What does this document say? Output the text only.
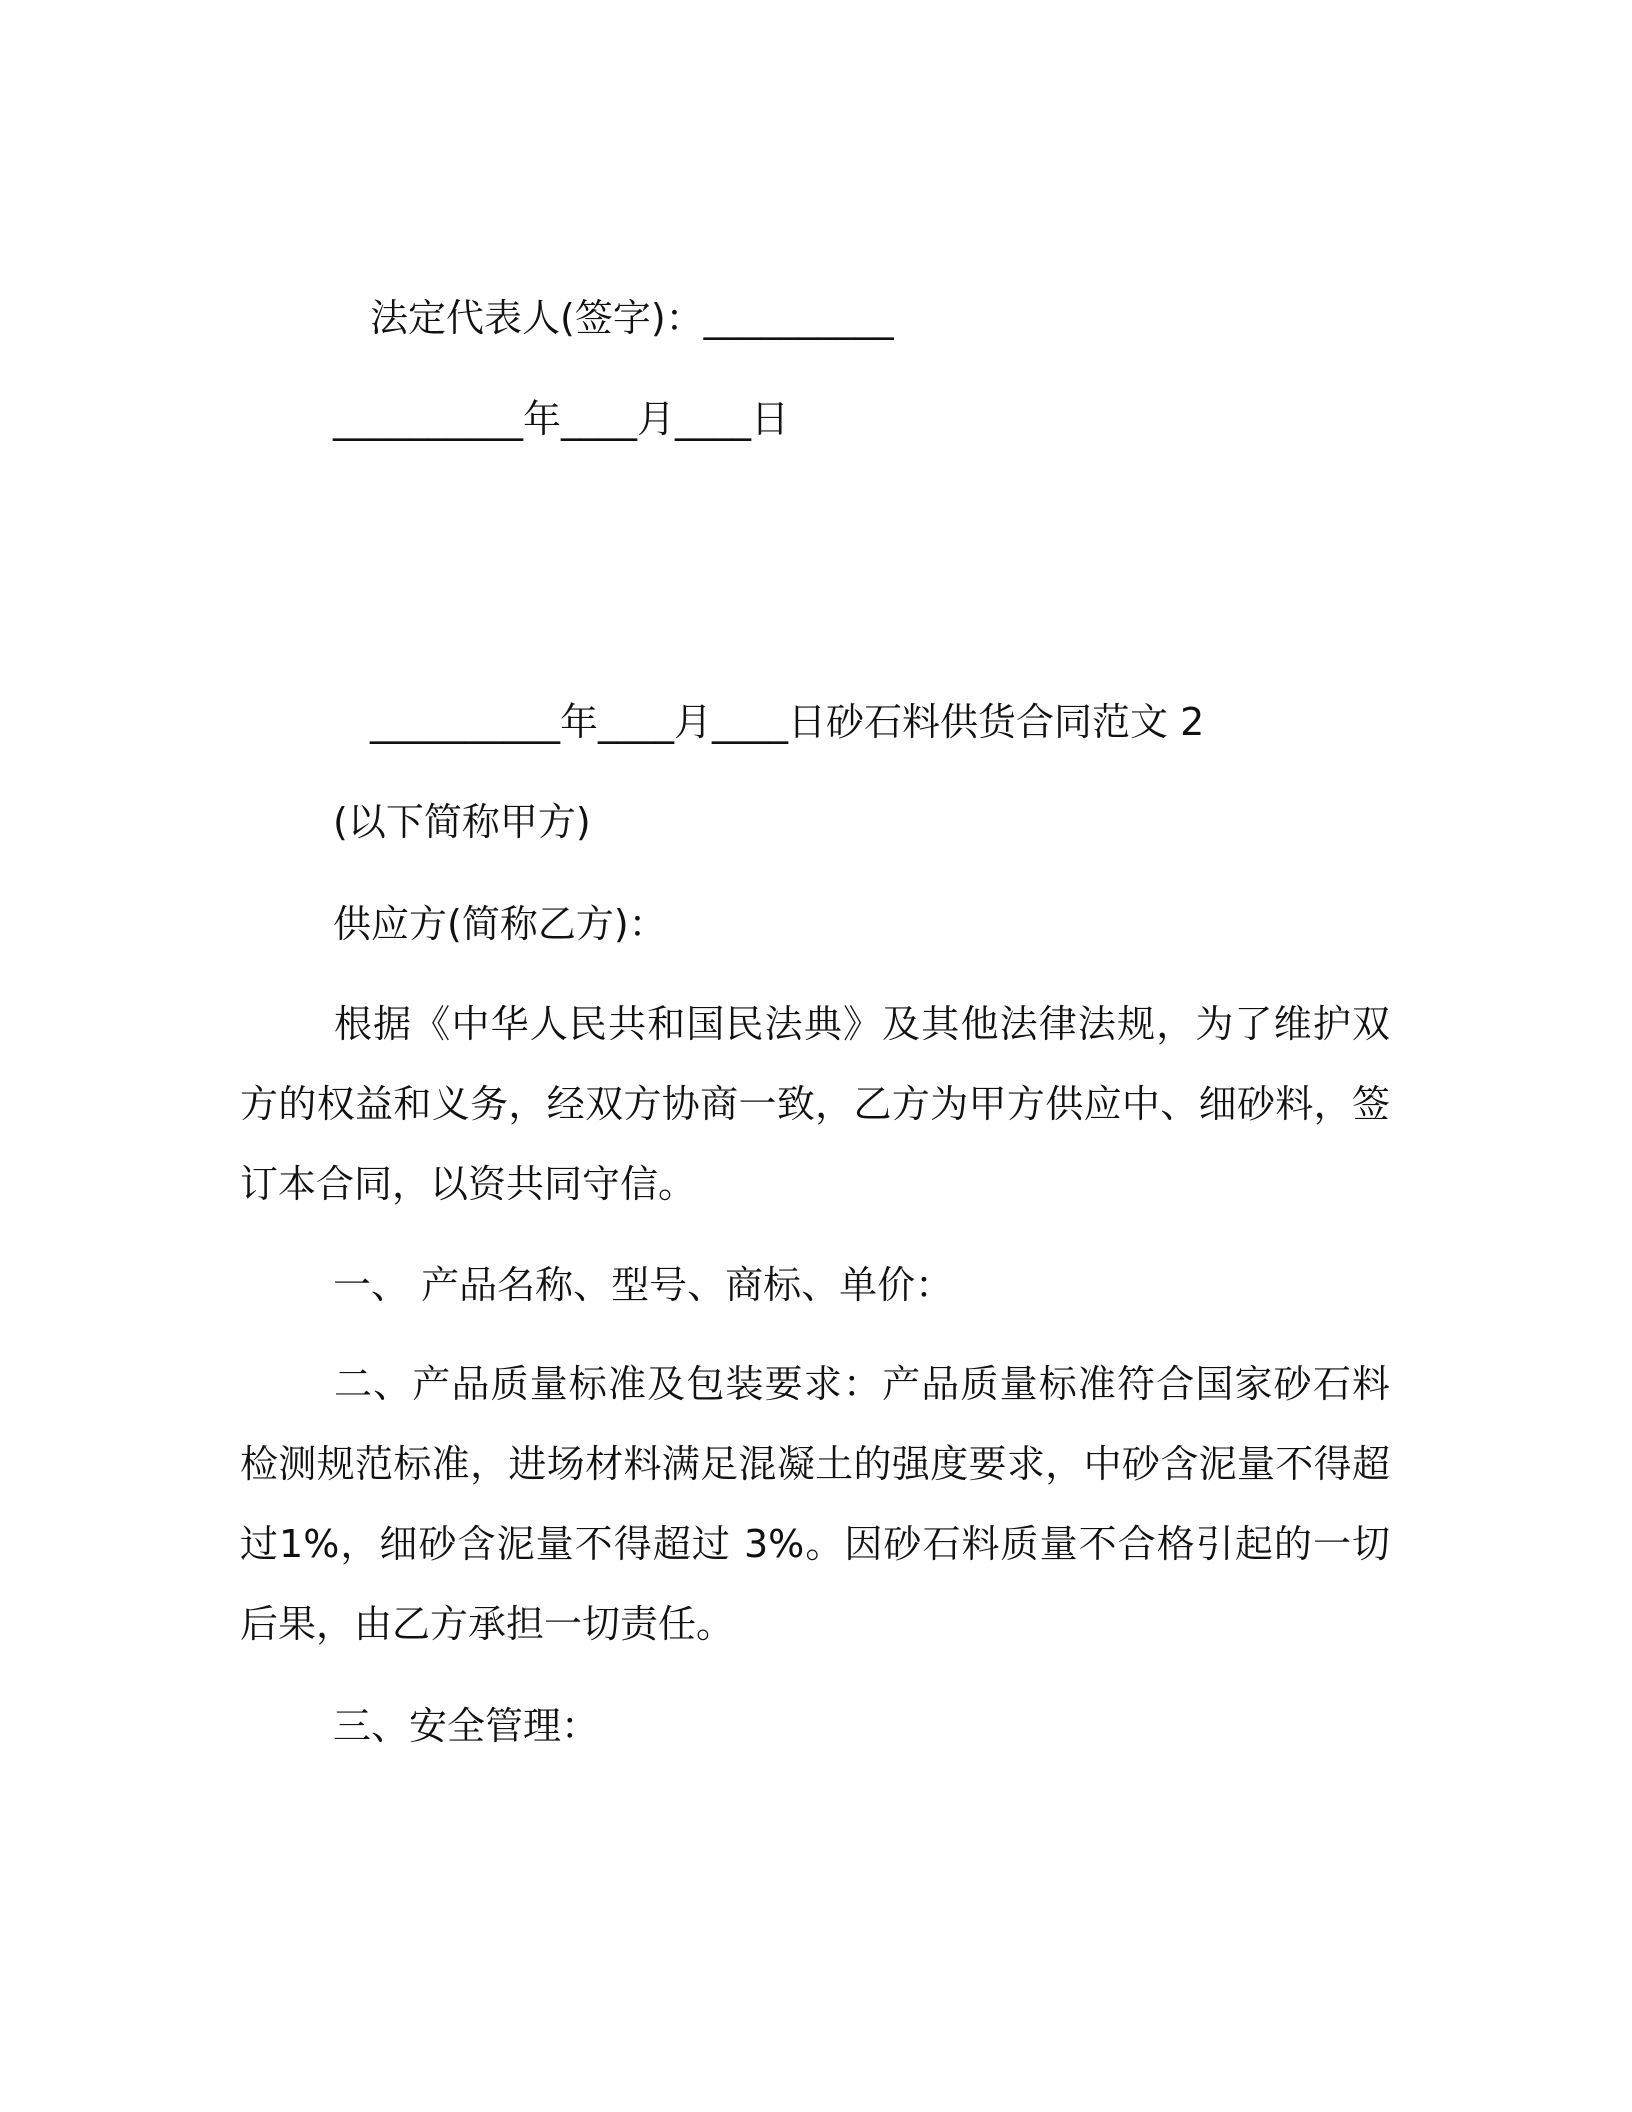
法定代表人(签字)：__________
__________年____月____日
__________年____月____日砂石料供货合同范文 2
(以下简称甲方)
供应方(简称乙方)：

根据《中华人民共和国民法典》及其他法律法规，为了维护双方的权益和义务，经双方协商一致，乙方为甲方供应中、细砂料，签订本合同，以资共同守信。

一、 产品名称、型号、商标、单价：

二、产品质量标准及包装要求：产品质量标准符合国家砂石料检测规范标准，进场材料满足混凝土的强度要求，中砂含泥量不得超过1%，细砂含泥量不得超过 3%。因砂石料质量不合格引起的一切后果，由乙方承担一切责任。

三、安全管理：
